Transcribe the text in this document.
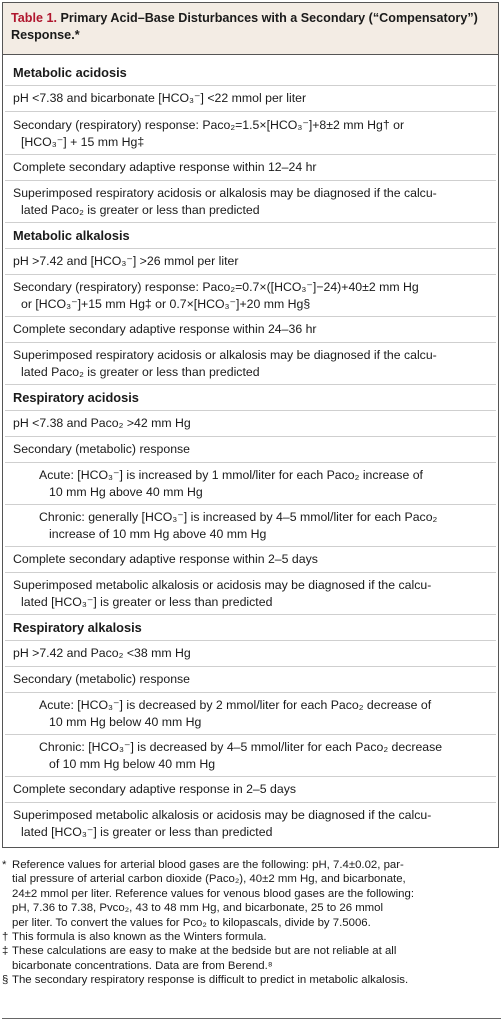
Table 1. Primary Acid–Base Disturbances with a Secondary (“Compensatory”)
Response.*
Metabolic acidosis
pH <7.38 and bicarbonate [HCO₃⁻] <22 mmol per liter
Secondary (respiratory) response: Paco₂=1.5×[HCO₃⁻]+8±2 mm Hg† or
[HCO₃⁻] + 15 mm Hg‡
Complete secondary adaptive response within 12–24 hr
Superimposed respiratory acidosis or alkalosis may be diagnosed if the calcu-
lated Paco₂ is greater or less than predicted
Metabolic alkalosis
pH >7.42 and [HCO₃⁻] >26 mmol per liter
Secondary (respiratory) response: Paco₂=0.7×([HCO₃⁻]−24)+40±2 mm Hg
or [HCO₃⁻]+15 mm Hg‡ or 0.7×[HCO₃⁻]+20 mm Hg§
Complete secondary adaptive response within 24–36 hr
Superimposed respiratory acidosis or alkalosis may be diagnosed if the calcu-
lated Paco₂ is greater or less than predicted
Respiratory acidosis
pH <7.38 and Paco₂ >42 mm Hg
Secondary (metabolic) response
Acute: [HCO₃⁻] is increased by 1 mmol/liter for each Paco₂ increase of
10 mm Hg above 40 mm Hg
Chronic: generally [HCO₃⁻] is increased by 4–5 mmol/liter for each Paco₂
increase of 10 mm Hg above 40 mm Hg
Complete secondary adaptive response within 2–5 days
Superimposed metabolic alkalosis or acidosis may be diagnosed if the calcu-
lated [HCO₃⁻] is greater or less than predicted
Respiratory alkalosis
pH >7.42 and Paco₂ <38 mm Hg
Secondary (metabolic) response
Acute: [HCO₃⁻] is decreased by 2 mmol/liter for each Paco₂ decrease of
10 mm Hg below 40 mm Hg
Chronic: [HCO₃⁻] is decreased by 4–5 mmol/liter for each Paco₂ decrease
of 10 mm Hg below 40 mm Hg
Complete secondary adaptive response in 2–5 days
Superimposed metabolic alkalosis or acidosis may be diagnosed if the calcu-
lated [HCO₃⁻] is greater or less than predicted
* Reference values for arterial blood gases are the following: pH, 7.4±0.02, par-
tial pressure of arterial carbon dioxide (Paco₂), 40±2 mm Hg, and bicarbonate,
24±2 mmol per liter. Reference values for venous blood gases are the following:
pH, 7.36 to 7.38, Pvco₂, 43 to 48 mm Hg, and bicarbonate, 25 to 26 mmol
per liter. To convert the values for Pco₂ to kilopascals, divide by 7.5006.
† This formula is also known as the Winters formula.
‡ These calculations are easy to make at the bedside but are not reliable at all
bicarbonate concentrations. Data are from Berend.⁸
§ The secondary respiratory response is difficult to predict in metabolic alkalosis.
